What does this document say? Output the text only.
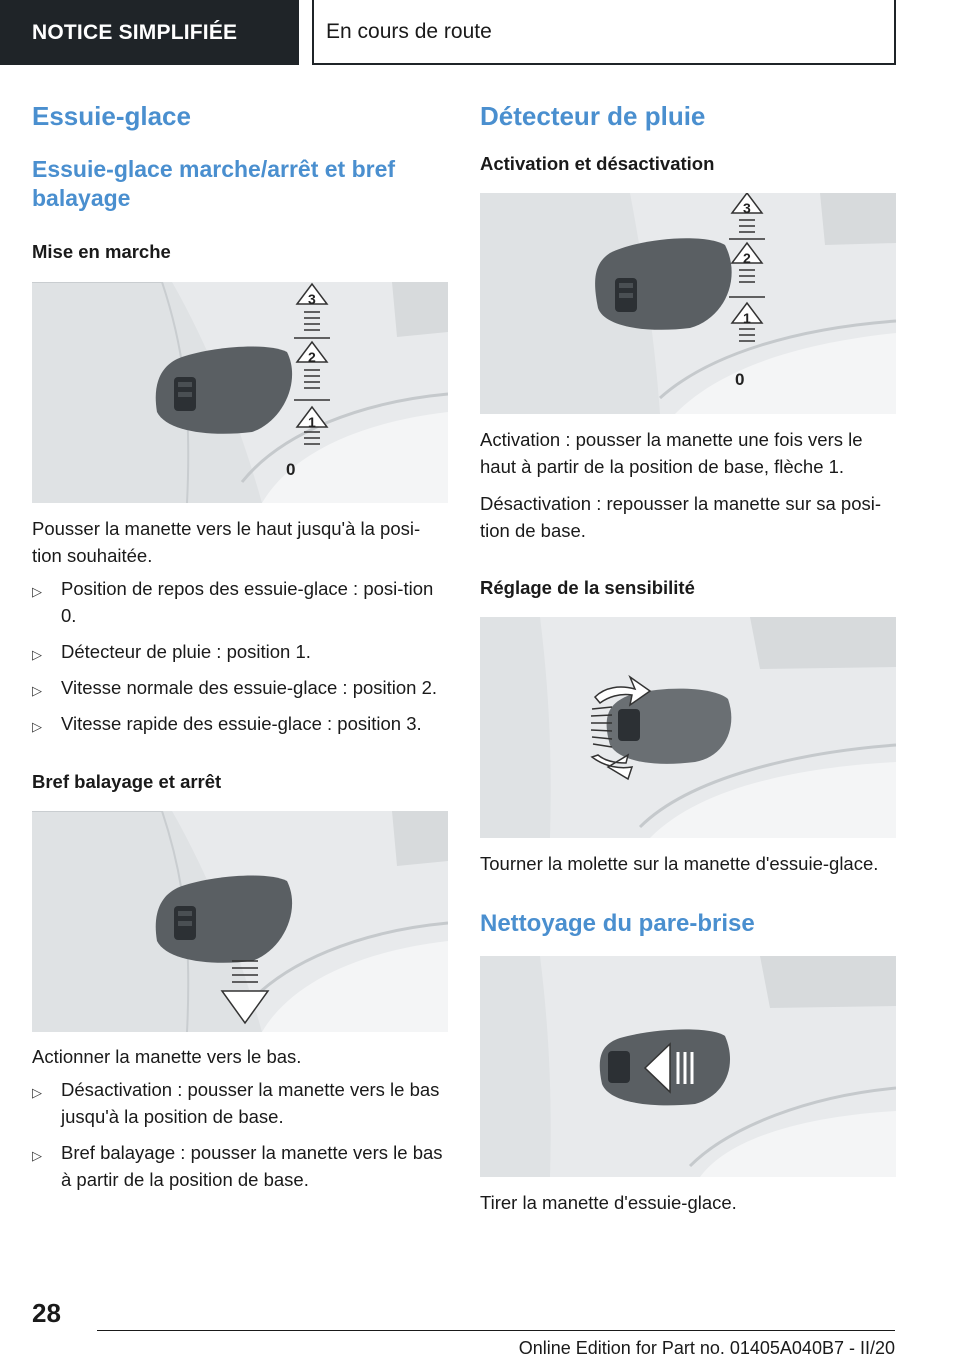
NOTICE SIMPLIFIÉE	En cours de route
Essuie-glace
Essuie-glace marche/arrêt et bref balayage
Mise en marche
3
2
1
0

Pousser la manette vers le haut jusqu'à la posi-tion souhaitée.

▷ Position de repos des essuie-glace : posi-tion 0.
▷ Détecteur de pluie : position 1.
▷ Vitesse normale des essuie-glace : position 2.
▷ Vitesse rapide des essuie-glace : position 3.
Bref balayage et arrêt

Actionner la manette vers le bas.

▷ Désactivation : pousser la manette vers le bas jusqu'à la position de base.
▷ Bref balayage : pousser la manette vers le bas à partir de la position de base.
Détecteur de pluie
Activation et désactivation
3
2
1
0

Activation : pousser la manette une fois vers le haut à partir de la position de base, flèche 1.

Désactivation : repousser la manette sur sa posi-tion de base.

Réglage de la sensibilité

Tourner la molette sur la manette d'essuie-glace.

Nettoyage du pare-brise

Tirer la manette d'essuie-glace.

28
Online Edition for Part no. 01405A040B7 - II/20
